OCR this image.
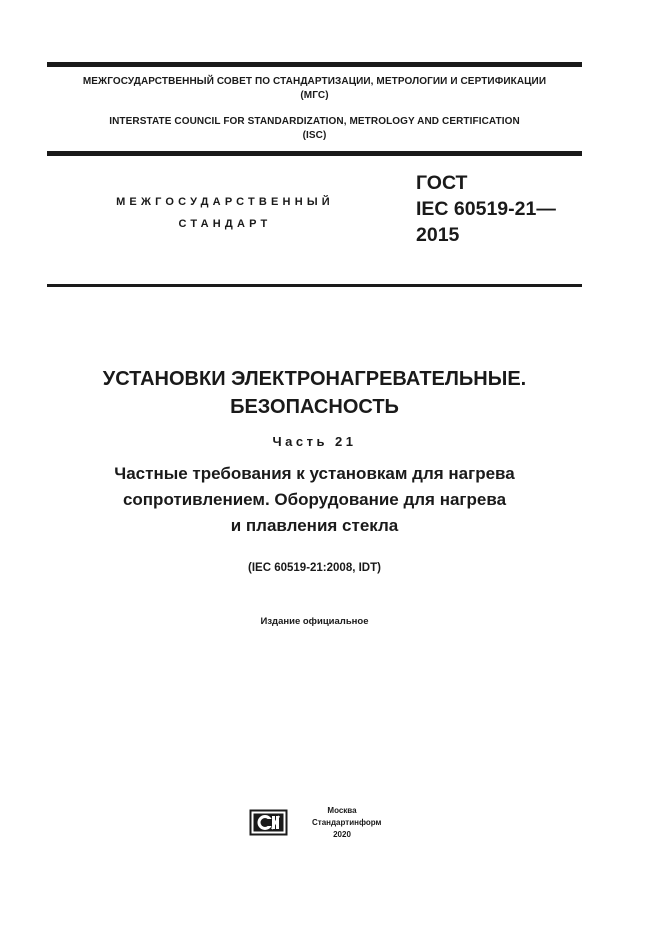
МЕЖГОСУДАРСТВЕННЫЙ СОВЕТ ПО СТАНДАРТИЗАЦИИ, МЕТРОЛОГИИ И СЕРТИФИКАЦИИ

(МГС)

INTERSTATE COUNCIL FOR STANDARDIZATION, METROLOGY AND CERTIFICATION

(ISC)

МЕЖГОСУДАРСТВЕННЫЙ
СТАНДАРТ
ГОСТ
IEC 60519-21—
2015

УСТАНОВКИ ЭЛЕКТРОНАГРЕВАТЕЛЬНЫЕ.

БЕЗОПАСНОСТЬ

Часть 21

Частные требования к установкам для нагрева

сопротивлением. Оборудование для нагрева

и плавления стекла

(IEC 60519-21:2008, IDT)

Издание официальное

Москва
Стандартинформ
2020
